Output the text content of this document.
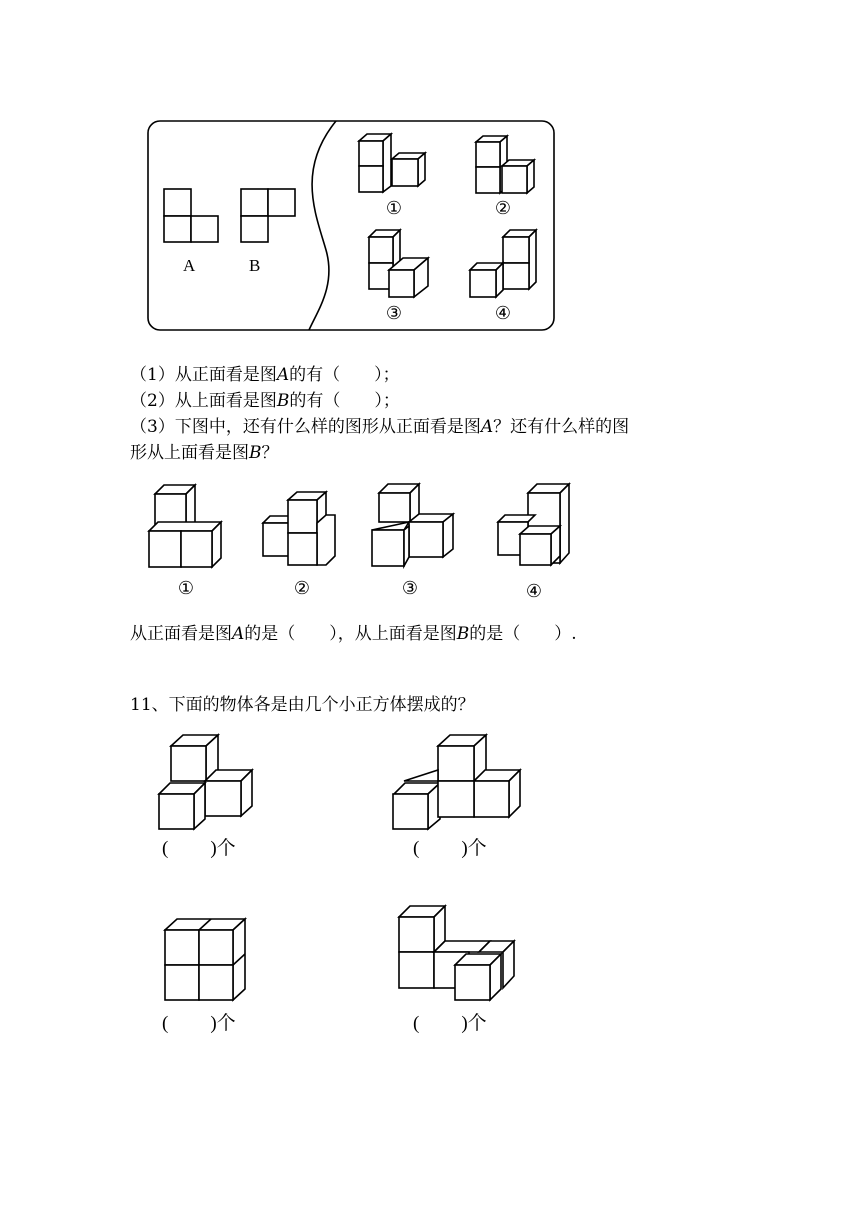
A	B
①	②
③	④
（1）从正面看是图A的有（　　）；
（2）从上面看是图B的有（　　）；
（3）下图中，还有什么样的图形从正面看是图A？还有什么样的图
形从上面看是图B？
①	②	③	④
从正面看是图A的是（　　），从上面看是图B的是（　　）.
11、下面的物体各是由几个小正方体摆成的？
( )个	( )个
( )个	( )个
